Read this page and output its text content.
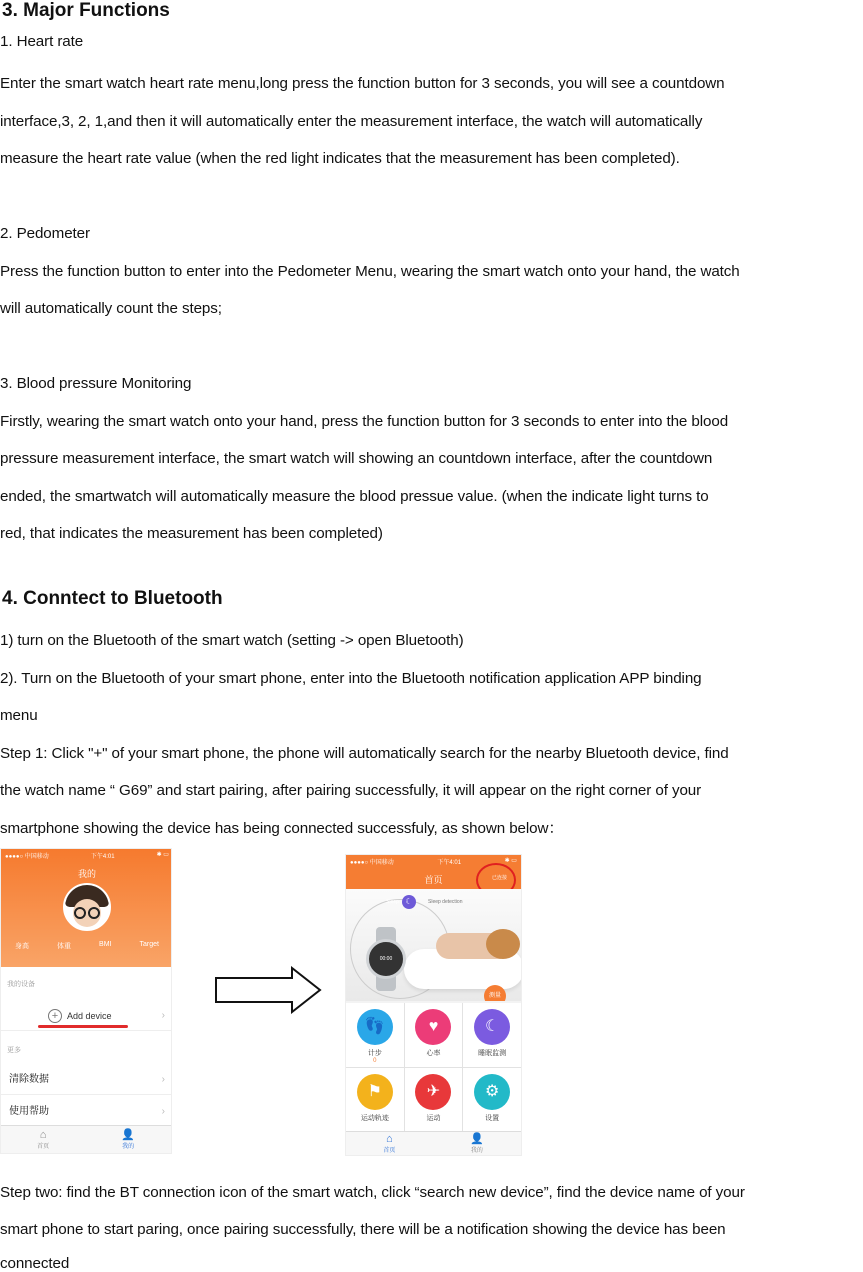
3. Major Functions
1. Heart rate
Enter the smart watch heart rate menu,long press the function button for 3 seconds, you will see a countdown
interface,3, 2, 1,and then it will automatically enter the measurement interface, the watch will automatically
measure the heart rate value (when the red light indicates that the measurement has been completed).
2. Pedometer
Press the function button to enter into the Pedometer Menu, wearing the smart watch onto your hand, the watch
will automatically count the steps;
3. Blood pressure Monitoring
Firstly, wearing the smart watch onto your hand, press the function button for 3 seconds to enter into the blood
pressure measurement interface, the smart watch will showing an countdown interface, after the countdown
ended, the smartwatch will automatically measure the blood pressue value. (when the indicate light turns to
red, that indicates the measurement has been completed)
4. Conntect to Bluetooth
1) turn on the Bluetooth of the smart watch (setting -> open Bluetooth)
2). Turn on the Bluetooth of your smart phone, enter into the Bluetooth notification application APP binding
menu
Step 1: Click "+" of your smart phone, the phone will automatically search for the nearby Bluetooth device, find
the watch name “ G69” and start pairing, after pairing successfully, it will appear on the right corner of your
smartphone showing the device has being connected successfuly, as shown below：
●●●●○ 中国移动	下午4:01	✱ ▭
我的
身高	体重	BMI	Target
我的设备
+ Add device	›
更多
清除数据	›
使用帮助	›
⌂
首页
👤
我的
●●●●○ 中国移动	下午4:01	✱ ▭
首页	已连接
☾
Sleep	Sleep detection
00:00
测量
👣
计步
0
♥
心率
☾
睡眠监测
⚑
运动轨迹
✈
运动
⚙
设置
⌂
首页
👤
我的
Step two: find the BT connection icon of the smart watch, click “search new device”, find the device name of your
smart phone to start paring, once pairing successfully, there will be a notification showing the device has been
connected
